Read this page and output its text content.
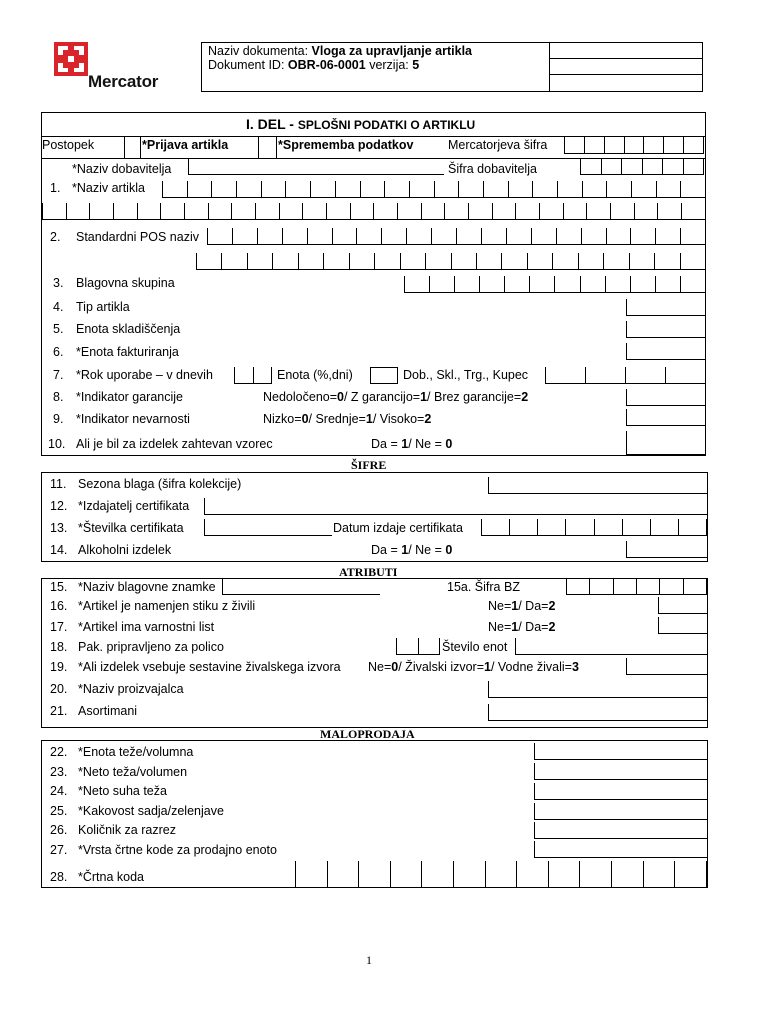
Mercator
Naziv dokumenta: Vloga za upravljanje artikla
Dokument ID: OBR-06-0001 verzija: 5
I. DEL - SPLOŠNI PODATKI O ARTIKLU
Postopek	*Prijava artikla	*Sprememba podatkov	Mercatorjeva šifra
*Naziv dobavitelja	Šifra dobavitelja
1. *Naziv artikla
2. Standardni POS naziv
3. Blagovna skupina
4. Tip artikla
5. Enota skladiščenja
6. *Enota fakturiranja
7. *Rok uporabe – v dnevih	Enota (%,dni)	Dob., Skl., Trg., Kupec
8. *Indikator garancije	Nedoločeno=0/ Z garancijo=1/ Brez garancije=2
9. *Indikator nevarnosti	Nizko=0/ Srednje=1/ Visoko=2
10. Ali je bil za izdelek zahtevan vzorec	Da = 1/ Ne = 0
ŠIFRE
11. Sezona blaga (šifra kolekcije)
12. *Izdajatelj certifikata
13. *Številka certifikata	Datum izdaje certifikata
14. Alkoholni izdelek	Da = 1/ Ne = 0
ATRIBUTI
15. *Naziv blagovne znamke	15a. Šifra BZ
16. *Artikel je namenjen stiku z živili	Ne=1/ Da=2
17. *Artikel ima varnostni list	Ne=1/ Da=2
18. Pak. pripravljeno za polico	Število enot
19. *Ali izdelek vsebuje sestavine živalskega izvora Ne=0/ Živalski izvor=1/ Vodne živali=3
20. *Naziv proizvajalca
21. Asortimani
MALOPRODAJA
22. *Enota teže/volumna
23. *Neto teža/volumen
24. *Neto suha teža
25. *Kakovost sadja/zelenjave
26. Količnik za razrez
27. *Vrsta črtne kode za prodajno enoto
28. *Črtna koda
1
